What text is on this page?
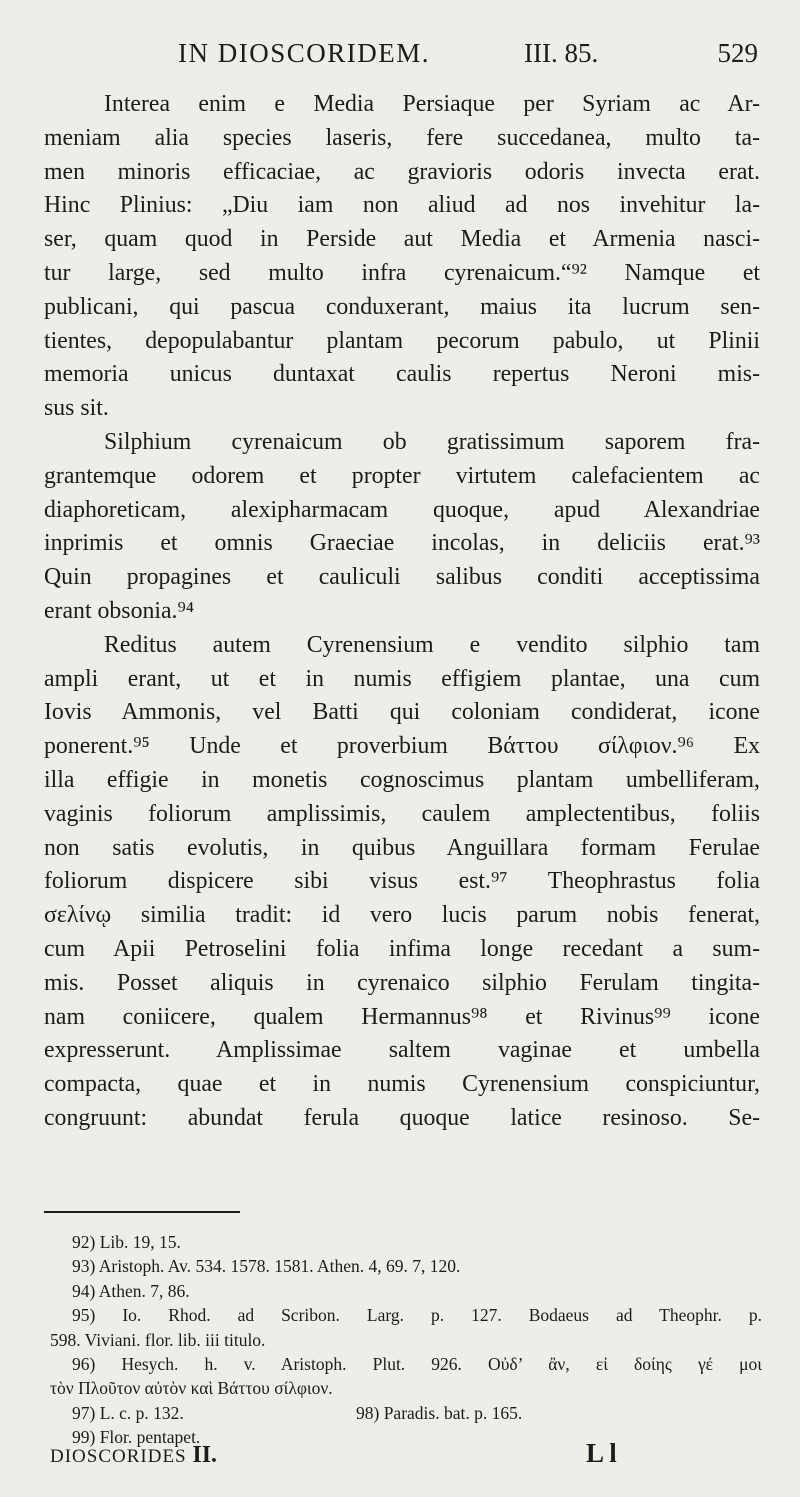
IN DIOSCORIDEM.	III. 85.	529
Interea enim e Media Persiaque per Syriam ac Ar-
meniam alia species laseris, fere succedanea, multo ta-
men minoris efficaciae, ac gravioris odoris invecta erat.
Hinc Plinius: „Diu iam non aliud ad nos invehitur la-
ser, quam quod in Perside aut Media et Armenia nasci-
tur large, sed multo infra cyrenaicum.“⁹² Namque et
publicani, qui pascua conduxerant, maius ita lucrum sen-
tientes, depopulabantur plantam pecorum pabulo, ut Plinii
memoria unicus duntaxat caulis repertus Neroni mis-
sus sit.
Silphium cyrenaicum ob gratissimum saporem fra-
grantemque odorem et propter virtutem calefacientem ac
diaphoreticam, alexipharmacam quoque, apud Alexandriae
inprimis et omnis Graeciae incolas, in deliciis erat.⁹³
Quin propagines et cauliculi salibus conditi acceptissima
erant obsonia.⁹⁴
Reditus autem Cyrenensium e vendito silphio tam
ampli erant, ut et in numis effigiem plantae, una cum
Iovis Ammonis, vel Batti qui coloniam condiderat, icone
ponerent.⁹⁵ Unde et proverbium Βάττου σίλφιον.⁹⁶ Ex
illa effigie in monetis cognoscimus plantam umbelliferam,
vaginis foliorum amplissimis, caulem amplectentibus, foliis
non satis evolutis, in quibus Anguillara formam Ferulae
foliorum dispicere sibi visus est.⁹⁷ Theophrastus folia
σελίνῳ similia tradit: id vero lucis parum nobis fenerat,
cum Apii Petroselini folia infima longe recedant a sum-
mis. Posset aliquis in cyrenaico silphio Ferulam tingita-
nam coniicere, qualem Hermannus⁹⁸ et Rivinus⁹⁹ icone
expresserunt. Amplissimae saltem vaginae et umbella
compacta, quae et in numis Cyrenensium conspiciuntur,
congruunt: abundat ferula quoque latice resinoso. Se-
92) Lib. 19, 15.
93) Aristoph. Av. 534. 1578. 1581. Athen. 4, 69. 7, 120.
94) Athen. 7, 86.
95) Io. Rhod. ad Scribon. Larg. p. 127. Bodaeus ad Theophr. p.
598. Viviani. flor. lib. iii titulo.
96) Hesych. h. v. Aristoph. Plut. 926. Οὐδ’ ἂν, εἰ δοίης γέ μοι
τὸν Πλοῦτον αὐτὸν καὶ Βάττου σίλφιον.
97) L. c. p. 132.	98) Paradis. bat. p. 165.
99) Flor. pentapet.
DIOSCORIDES II.	L l
